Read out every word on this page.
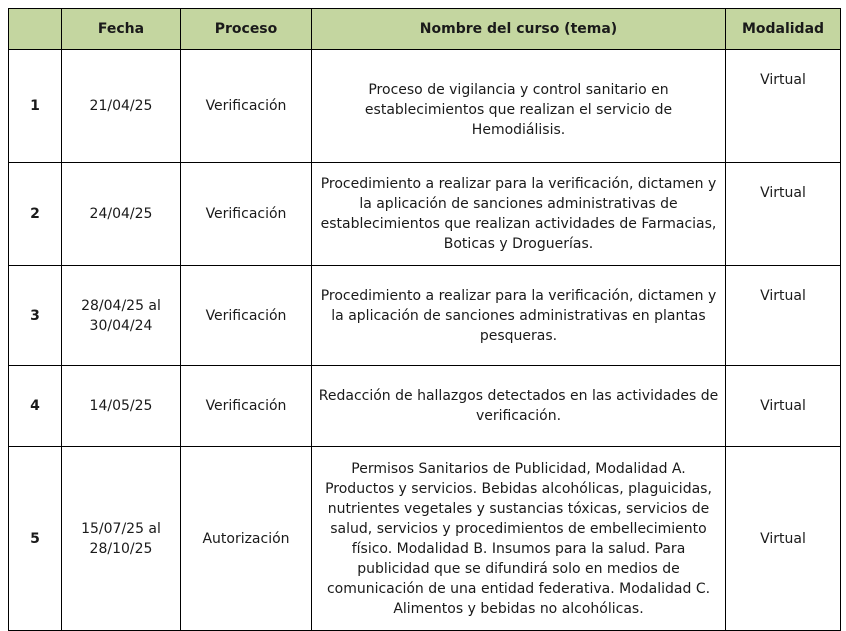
	Fecha	Proceso	Nombre del curso (tema)	Modalidad
1	21/04/25	Verificación	Proceso de vigilancia y control sanitario en establecimientos que realizan el servicio de Hemodiálisis.	Virtual
2	24/04/25	Verificación	Procedimiento a realizar para la verificación, dictamen y la aplicación de sanciones administrativas de establecimientos que realizan actividades de Farmacias, Boticas y Droguerías.	Virtual
3	28/04/25 al 30/04/24	Verificación	Procedimiento a realizar para la verificación, dictamen y la aplicación de sanciones administrativas en plantas pesqueras.	Virtual
4	14/05/25	Verificación	Redacción de hallazgos detectados en las actividades de verificación.	Virtual
5	15/07/25 al 28/10/25	Autorización	Permisos Sanitarios de Publicidad, Modalidad A. Productos y servicios. Bebidas alcohólicas, plaguicidas, nutrientes vegetales y sustancias tóxicas, servicios de salud, servicios y procedimientos de embellecimiento físico. Modalidad B. Insumos para la salud. Para publicidad que se difundirá solo en medios de comunicación de una entidad federativa. Modalidad C. Alimentos y bebidas no alcohólicas.	Virtual
